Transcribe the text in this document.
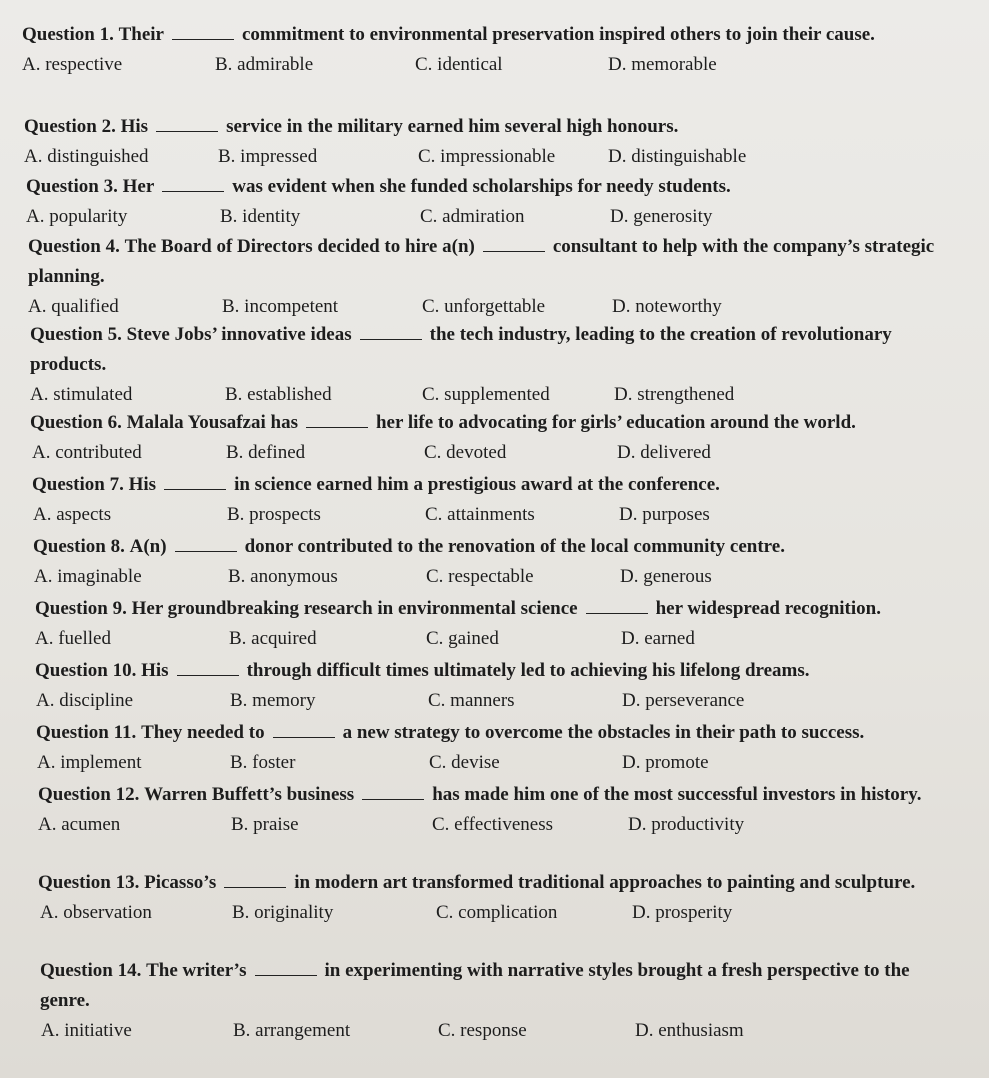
Question 1. Their	commitment to environmental preservation inspired others to join their cause.

A. respective	B. admirable	C. identical	D. memorable

Question 2. His	service in the military earned him several high honours.

A. distinguished	B. impressed	C. impressionable	D. distinguishable

Question 3. Her	was evident when she funded scholarships for needy students.

A. popularity	B. identity	C. admiration	D. generosity

Question 4. The Board of Directors decided to hire a(n)	consultant to help with the company’s strategic planning.

A. qualified	B. incompetent	C. unforgettable	D. noteworthy

Question 5. Steve Jobs’ innovative ideas	the tech industry, leading to the creation of revolutionary products.

A. stimulated	B. established	C. supplemented	D. strengthened

Question 6. Malala Yousafzai has	her life to advocating for girls’ education around the world.

A. contributed	B. defined	C. devoted	D. delivered

Question 7. His	in science earned him a prestigious award at the conference.

A. aspects	B. prospects	C. attainments	D. purposes

Question 8. A(n)	donor contributed to the renovation of the local community centre.

A. imaginable	B. anonymous	C. respectable	D. generous

Question 9. Her groundbreaking research in environmental science	her widespread recognition.

A. fuelled	B. acquired	C. gained	D. earned

Question 10. His	through difficult times ultimately led to achieving his lifelong dreams.

A. discipline	B. memory	C. manners	D. perseverance

Question 11. They needed to	a new strategy to overcome the obstacles in their path to success.

A. implement	B. foster	C. devise	D. promote

Question 12. Warren Buffett’s business	has made him one of the most successful investors in history.

A. acumen	B. praise	C. effectiveness	D. productivity

Question 13. Picasso’s	in modern art transformed traditional approaches to painting and sculpture.

A. observation	B. originality	C. complication	D. prosperity

Question 14. The writer’s	in experimenting with narrative styles brought a fresh perspective to the genre.

A. initiative	B. arrangement	C. response	D. enthusiasm
